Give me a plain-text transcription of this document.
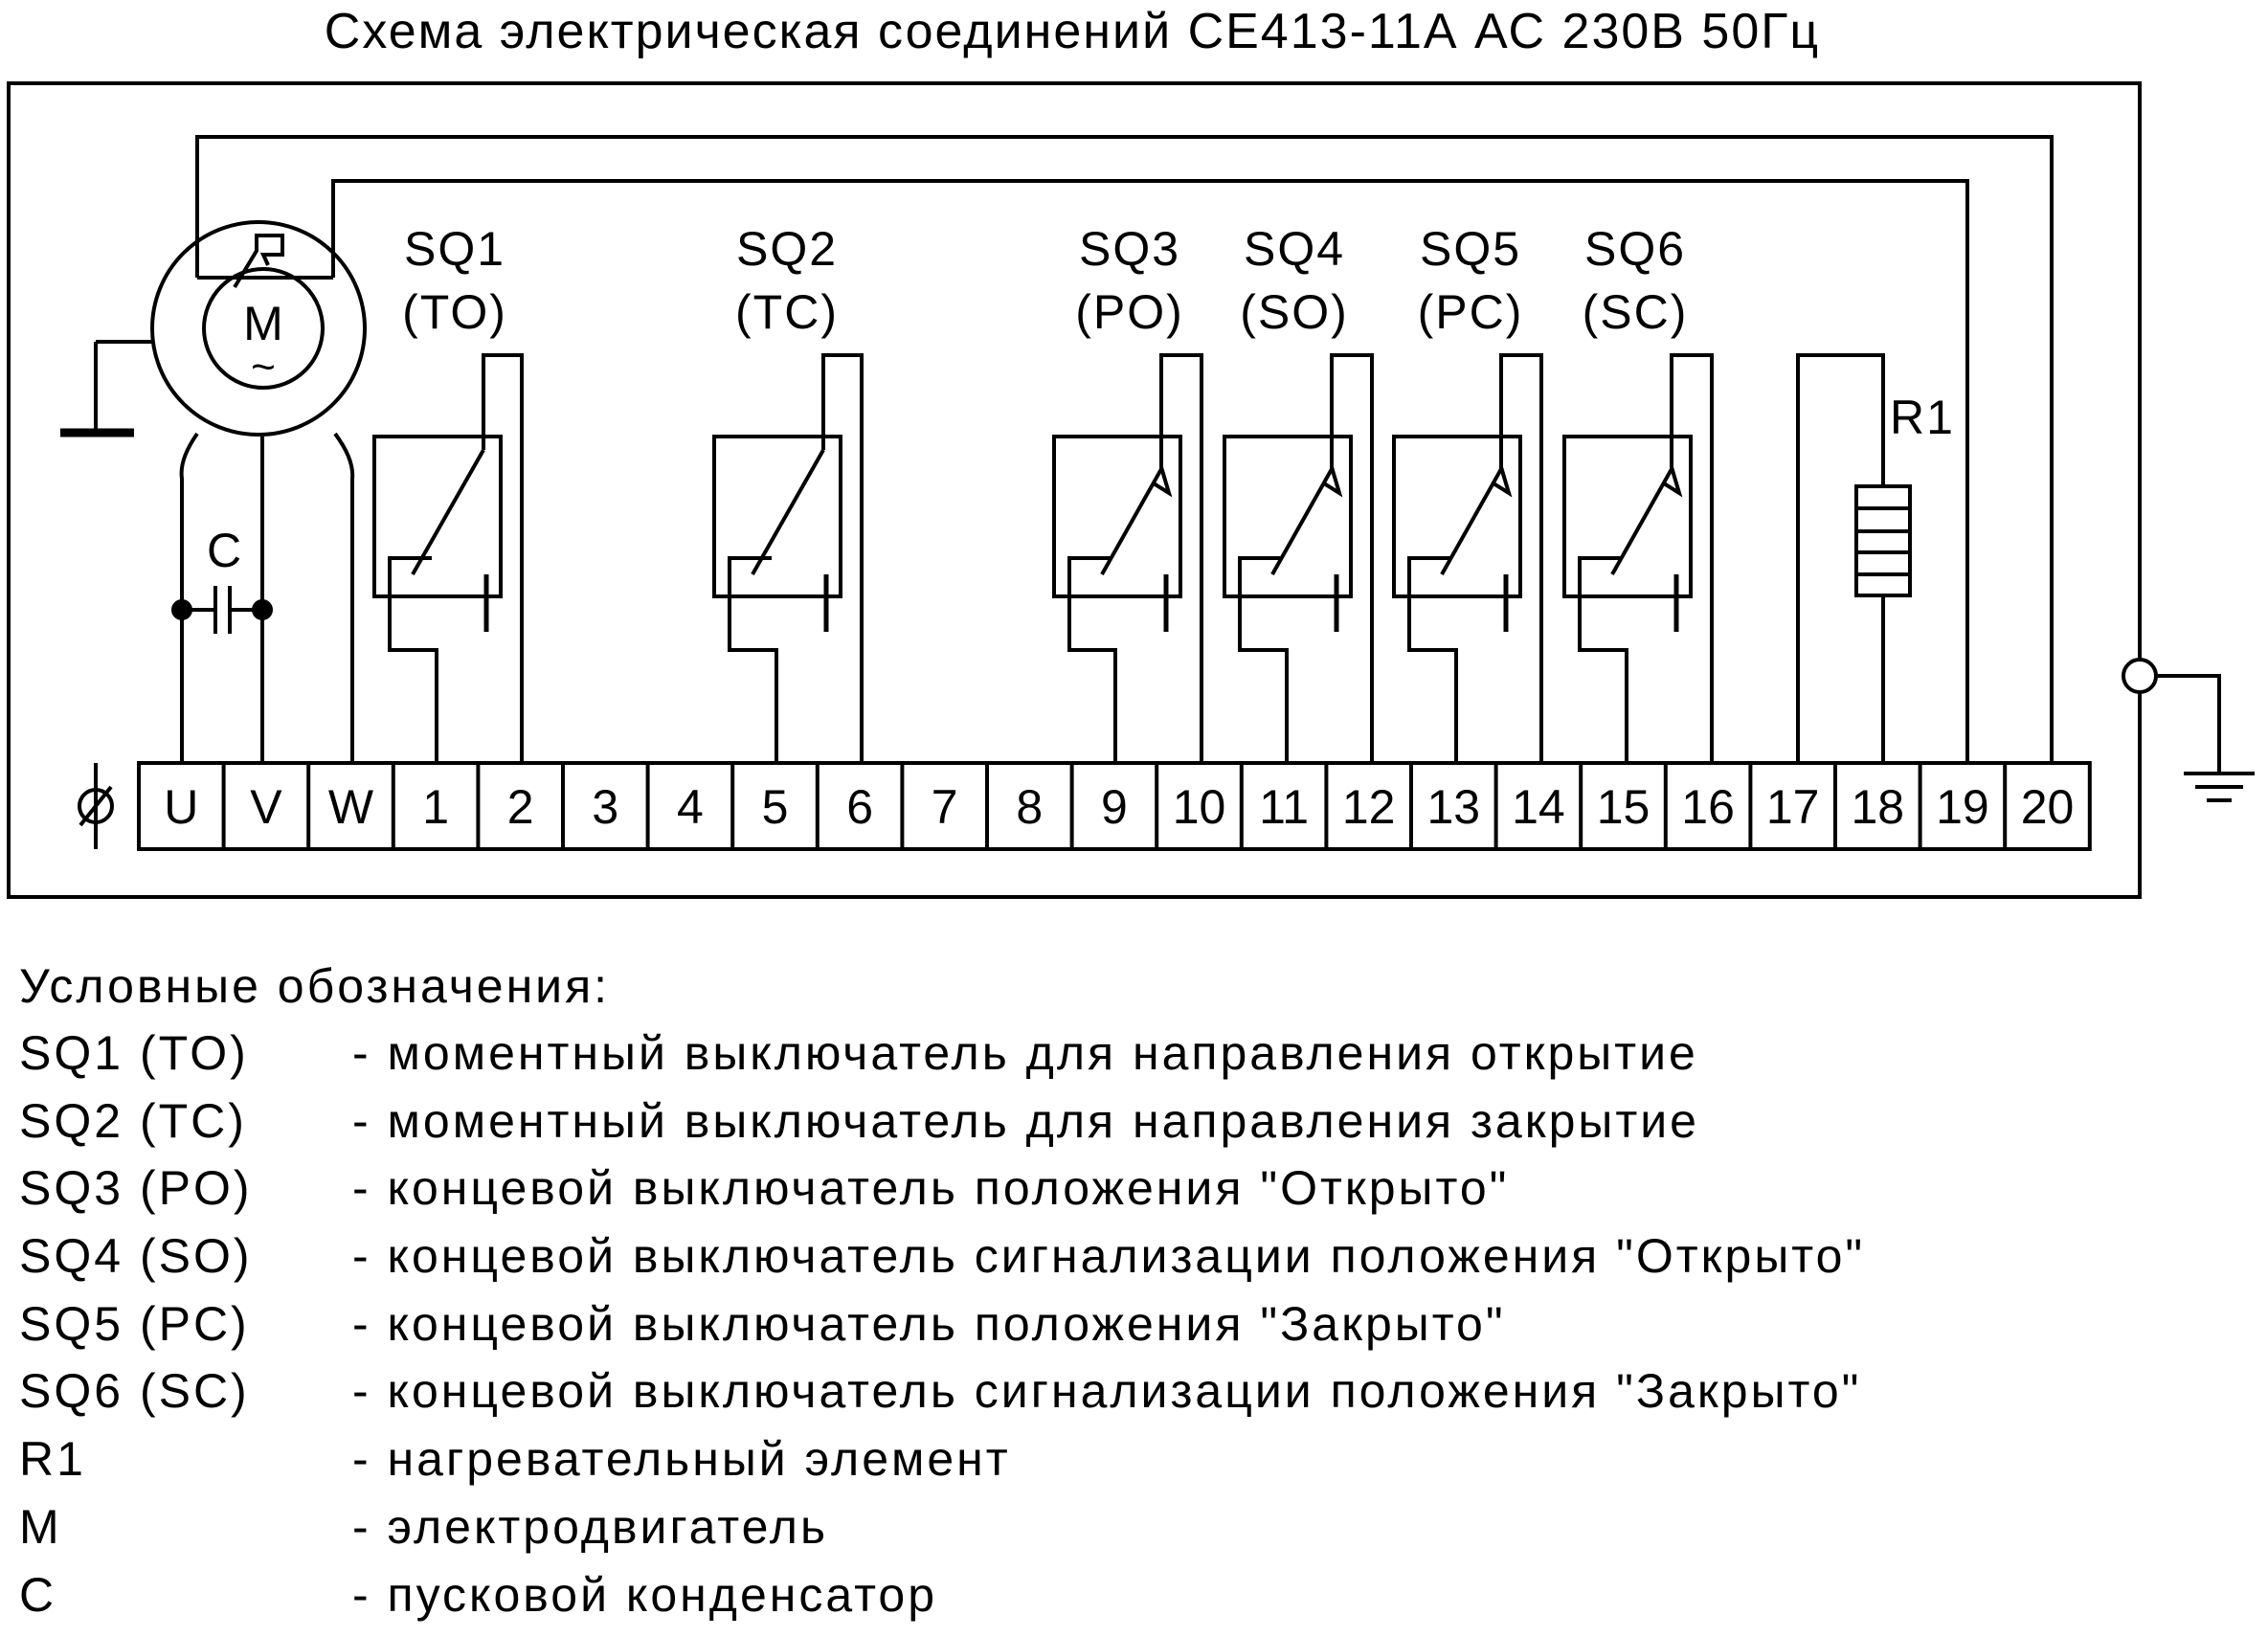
Схема электрическая соединений СЕ413-11А АС 230В 50Гц
M
~
C
SQ1
(TO)
SQ2
(TC)
SQ3
(PO)
SQ4
(SO)
SQ5
(PC)
SQ6
(SC)
R1
U V W 1 2 3 4 5 6 7 8 9 10 11 12 13 14 15 16 17 18 19 20
Условные обозначения:
SQ1 (TO) - моментный выключатель для направления открытие
SQ2 (TC) - моментный выключатель для направления закрытие
SQ3 (PO) - концевой выключатель положения "Открыто"
SQ4 (SO) - концевой выключатель сигнализации положения "Открыто"
SQ5 (PC) - концевой выключатель положения "Закрыто"
SQ6 (SC) - концевой выключатель сигнализации положения "Закрыто"
R1	- нагревательный элемент
M	- электродвигатель
C	- пусковой конденсатор
